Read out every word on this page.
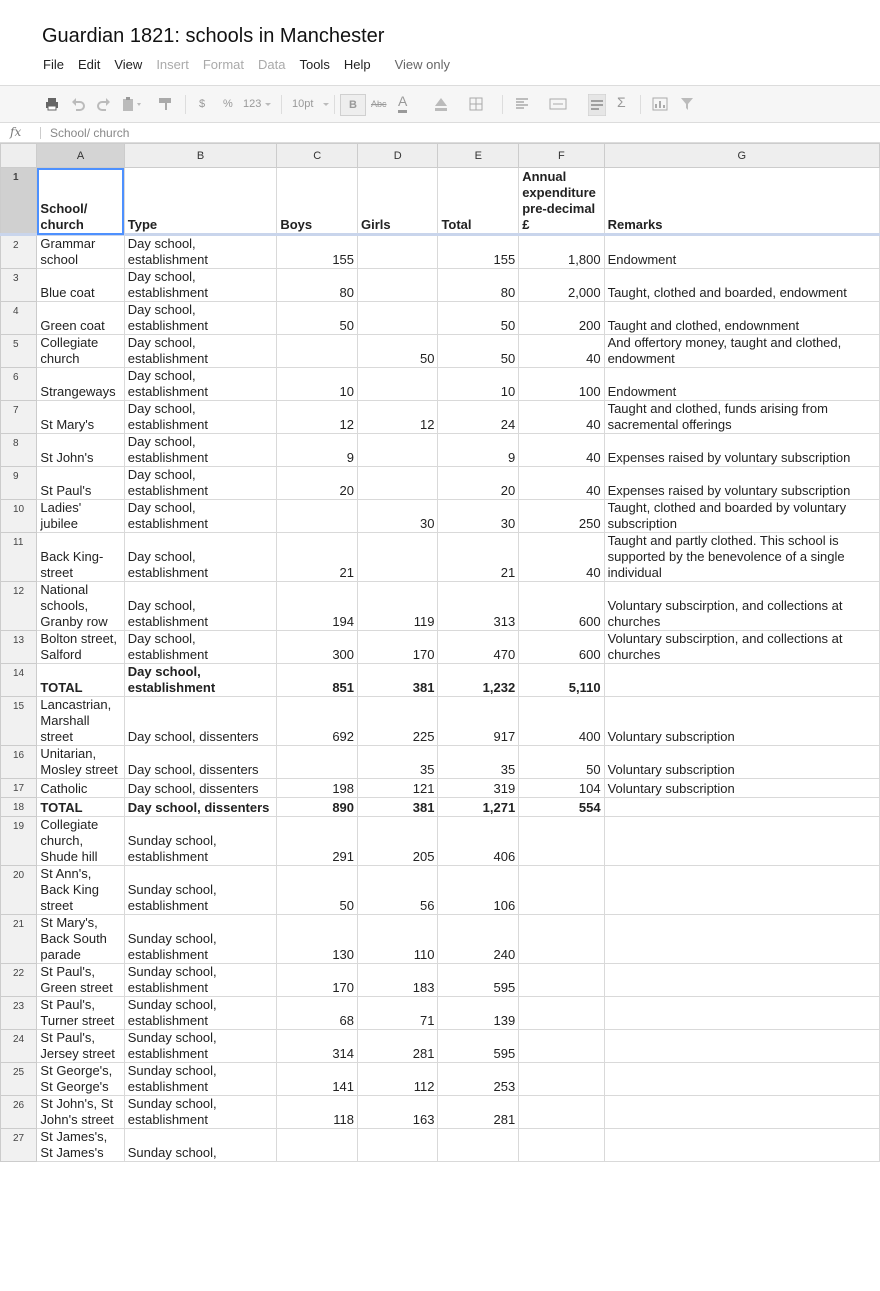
Guardian 1821: schools in Manchester
File Edit View Insert Format Data Tools Help View only
$ % 123	10pt	B	Abc A	Σ
fx School/ church
	A	B	C	D	E	F	G
1	School/ church	Type	Boys	Girls	Total	Annual expenditure pre-decimal £	Remarks
2	Grammar school	Day school, establishment	155		155	1,800	Endowment
3	Blue coat	Day school, establishment	80		80	2,000	Taught, clothed and boarded, endowment
4	Green coat	Day school, establishment	50		50	200	Taught and clothed, endownment
5	Collegiate church	Day school, establishment		50	50	40	And offertory money, taught and clothed, endowment
6	Strangeways	Day school, establishment	10		10	100	Endowment
7	St Mary's	Day school, establishment	12	12	24	40	Taught and clothed, funds arising from sacremental offerings
8	St John's	Day school, establishment	9		9	40	Expenses raised by voluntary subscription
9	St Paul's	Day school, establishment	20		20	40	Expenses raised by voluntary subscription
10	Ladies' jubilee	Day school, establishment		30	30	250	Taught, clothed and boarded by voluntary subscription
11	Back King-street	Day school, establishment	21		21	40	Taught and partly clothed. This school is supported by the benevolence of a single individual
12	National schools, Granby row	Day school, establishment	194	119	313	600	Voluntary subscirption, and collections at churches
13	Bolton street, Salford	Day school, establishment	300	170	470	600	Voluntary subscirption, and collections at churches
14	TOTAL	Day school, establishment	851	381	1,232	5,110	
15	Lancastrian, Marshall street	Day school, dissenters	692	225	917	400	Voluntary subscription
16	Unitarian, Mosley street	Day school, dissenters		35	35	50	Voluntary subscription
17	Catholic	Day school, dissenters	198	121	319	104	Voluntary subscription
18	TOTAL	Day school, dissenters	890	381	1,271	554	
19	Collegiate church, Shude hill	Sunday school, establishment	291	205	406		
20	St Ann's, Back King street	Sunday school, establishment	50	56	106		
21	St Mary's, Back South parade	Sunday school, establishment	130	110	240		
22	St Paul's, Green street	Sunday school, establishment	170	183	595		
23	St Paul's, Turner street	Sunday school, establishment	68	71	139		
24	St Paul's, Jersey street	Sunday school, establishment	314	281	595		
25	St George's, St George's	Sunday school, establishment	141	112	253		
26	St John's, St John's street	Sunday school, establishment	118	163	281		
27	St James's, St James's	Sunday school,					
